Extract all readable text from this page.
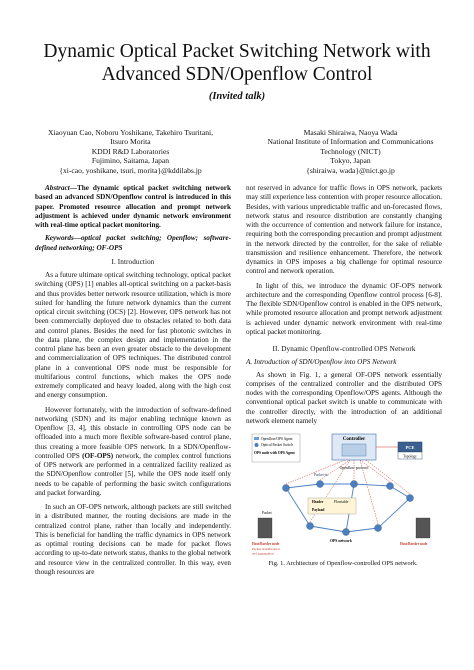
Dynamic Optical Packet Switching Network with
Advanced SDN/Openflow Control
(Invited talk)
Xiaoyuan Cao, Noboru Yoshikane, Takehiro Tsuritani,
Itsuro Morita
KDDI R&D Laboratories
Fujimino, Saitama, Japan
{xi-cao, yoshikane, tsuri, morita}@kddilabs.jp
Masaki Shiraiwa, Naoya Wada
National Institute of Information and Communications
Technology (NICT)
Tokyo, Japan
{shiraiwa, wada}@nict.go.jp

Abstract—The dynamic optical packet switching network based an advanced SDN/Openflow control is introduced in this paper. Promoted resource allocation and prompt network adjustment is achieved under dynamic network environment with real-time optical packet monitoring.

Keywords—optical packet switching; Openflow; software-defined networking; OF-OPS

I. Introduction

As a future ultimate optical switching technology, optical packet switching (OPS) [1] enables all-optical switching on a packet-basis and thus provides better network resource utilization, which is more suited for handling the future network dynamics than the current optical circuit switching (OCS) [2]. However, OPS network has not been commercially deployed due to obstacles related to both data and control planes. Besides the need for fast photonic switches in the data plane, the complex design and implementation in the control plane has been an even greater obstacle to the development and commercialization of OPS techniques. The distributed control plane in a conventional OPS node must be responsible for multifarious control functions, which makes the OPS node extremely complicated and heavy loaded, along with the high cost and energy consumption.

However fortunately, with the introduction of software-defined networking (SDN) and its major enabling technique known as Openflow [3, 4], this obstacle in controlling OPS node can be offloaded into a much more flexible software-based control plane, thus creating a more feasible OPS network. In a SDN/Openflow-controlled OPS (OF-OPS) network, the complex control functions of OPS network are performed in a centralized facility realized as the SDN/Openflow controller [5], while the OPS node itself only needs to be capable of performing the basic switch configurations and packet forwarding.

In such an OF-OPS network, although packets are still switched in a distributed manner, the routing decisions are made in the centralized control plane, rather than locally and independently. This is beneficial for handling the traffic dynamics in OPS network as optimal routing decisions can be made for packet flows according to up-to-date network status, thanks to the global network and resource view in the centralized controller. In this way, even though resources are

not reserved in advance for traffic flows in OPS network, packets may still experience less contention with proper resource allocation. Besides, with various unpredictable traffic and un-forecasted flows, network status and resource distribution are constantly changing with the occurrence of contention and network failure for instance, requiring both the corresponding precaution and prompt adjustment in the network directed by the controller, for the sake of reliable transmission and resilience enhancement. Therefore, the network dynamics in OPS imposes a big challenge for optimal resource control and network operation.

In light of this, we introduce the dynamic OF-OPS network architecture and the corresponding Openflow control process [6-8]. The flexible SDN/Openflow control is enabled in the OPS network, while promoted resource allocation and prompt network adjustment is achieved under dynamic network environment with real-time optical packet monitoring.

II. Dynamic Openflow-controlled OPS Network
A. Introduction of SDN/Openflow into OPS Network

As shown in Fig. 1, a general OF-OPS network essentially comprises of the centralized controller and the distributed OPS nodes with the corresponding Openflow/OPS agents. Although the conventional optical packet switch is unable to communicate with the controller directly, with the introduction of an additional network element namely

Openflow/OPS Agent
Optical Packet Switch
OPS node with OPS Agent
Controller
PCE
Topology
Openflow protocol
Packet-in
Header	Flowtable
Payload
Packet
OPS network
Host/Border node
Packet classification
and aggregation
Host/Border node
Fig. 1. Architecture of Openflow-controlled OPS network.
